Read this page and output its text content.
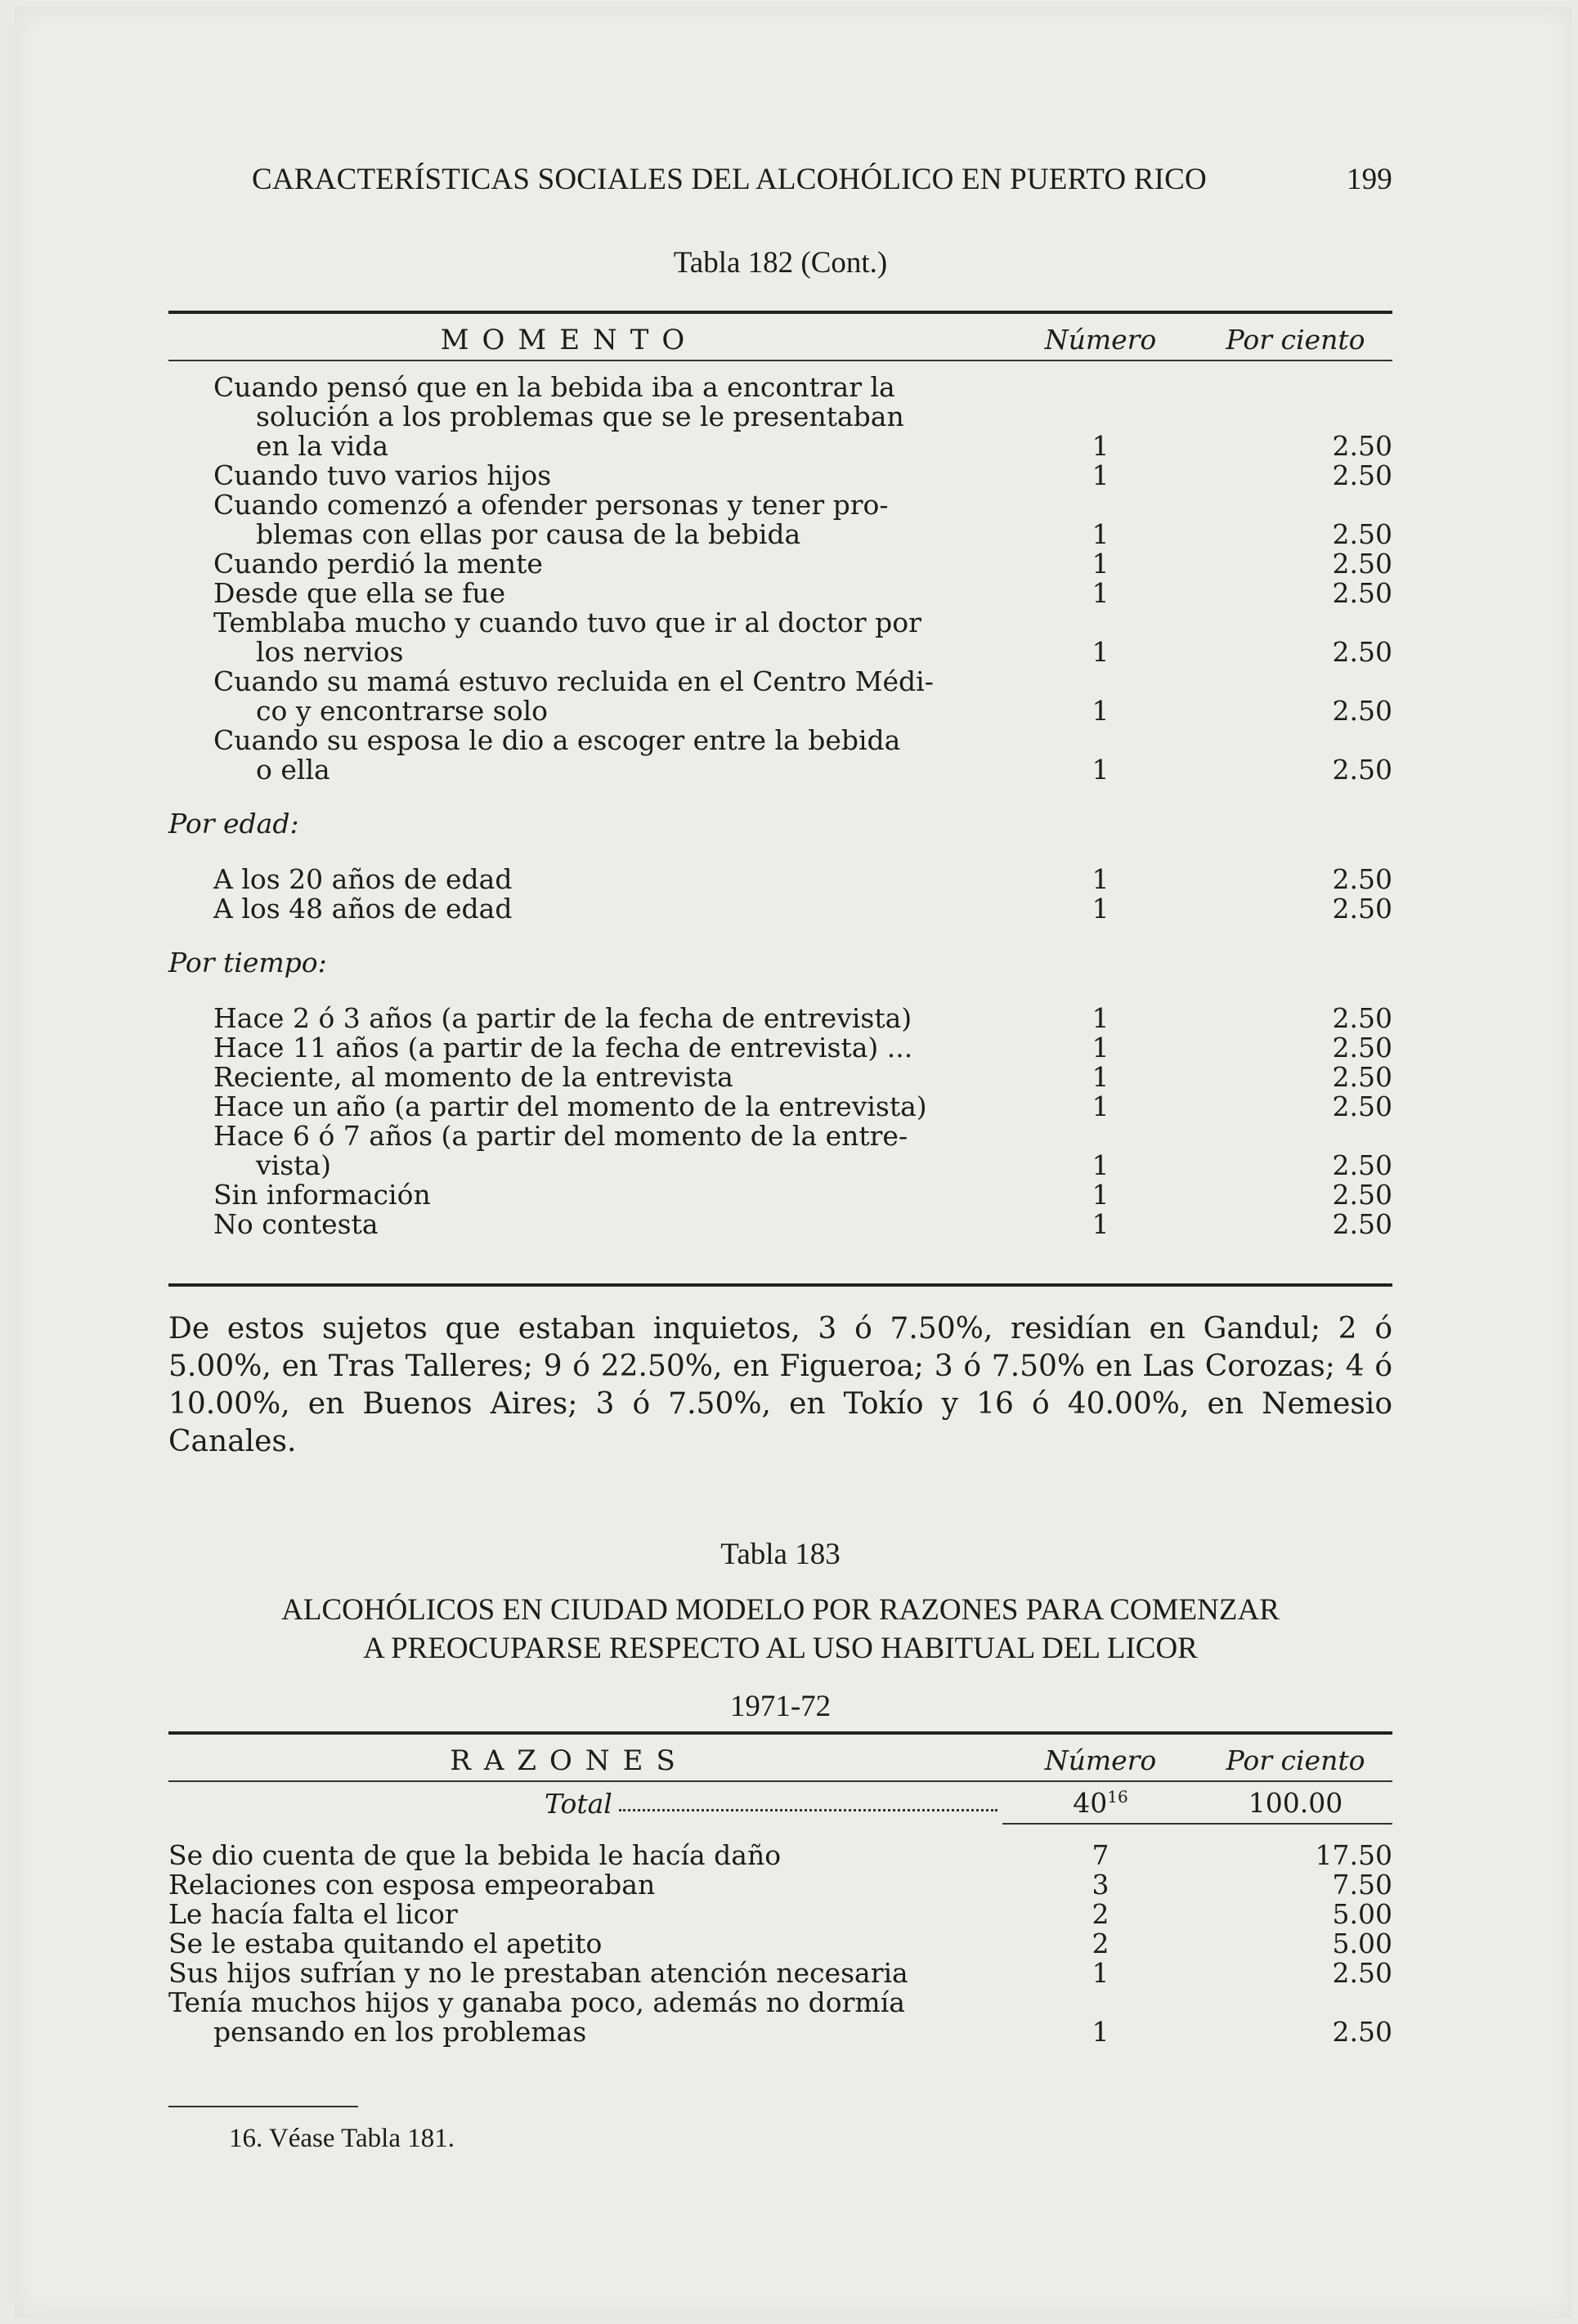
CARACTERÍSTICAS SOCIALES DEL ALCOHÓLICO EN PUERTO RICO	199
Tabla 182 (Cont.)
MOMENTO	Número	Por ciento

Cuando pensó que en la bebida iba a encontrar la
solución a los problemas que se le presentaban
en la vida	1	2.50

Cuando tuvo varios hijos	1	2.50

Cuando comenzó a ofender personas y tener pro-
blemas con ellas por causa de la bebida	1	2.50

Cuando perdió la mente	1	2.50

Desde que ella se fue	1	2.50

Temblaba mucho y cuando tuvo que ir al doctor por
los nervios	1	2.50

Cuando su mamá estuvo recluida en el Centro Médi-
co y encontrarse solo	1	2.50

Cuando su esposa le dio a escoger entre la bebida
o ella	1	2.50
Por edad:		

A los 20 años de edad	1	2.50

A los 48 años de edad	1	2.50
Por tiempo:		

Hace 2 ó 3 años (a partir de la fecha de entrevista)	1	2.50

Hace 11 años (a partir de la fecha de entrevista) ...	1	2.50

Reciente, al momento de la entrevista	1	2.50

Hace un año (a partir del momento de la entrevista)	1	2.50

Hace 6 ó 7 años (a partir del momento de la entre-
vista)	1	2.50

Sin información	1	2.50

No contesta	1	2.50
De estos sujetos que estaban inquietos, 3 ó 7.50%, residían en Gandul; 2 ó 5.00%, en Tras Talleres; 9 ó 22.50%, en Figueroa; 3 ó 7.50% en Las Corozas; 4 ó 10.00%, en Buenos Aires; 3 ó 7.50%, en Tokío y 16 ó 40.00%, en Nemesio Canales.
Tabla 183
ALCOHÓLICOS EN CIUDAD MODELO POR RAZONES PARA COMENZAR
A PREOCUPARSE RESPECTO AL USO HABITUAL DEL LICOR
1971-72
RAZONES	Número	Por ciento

Total	40$^{16}$	100.00

Se dio cuenta de que la bebida le hacía daño	7	17.50

Relaciones con esposa empeoraban	3	7.50

Le hacía falta el licor	2	5.00

Se le estaba quitando el apetito	2	5.00

Sus hijos sufrían y no le prestaban atención necesaria	1	2.50

Tenía muchos hijos y ganaba poco, además no dormía
pensando en los problemas	1	2.50
16. Véase Tabla 181.
